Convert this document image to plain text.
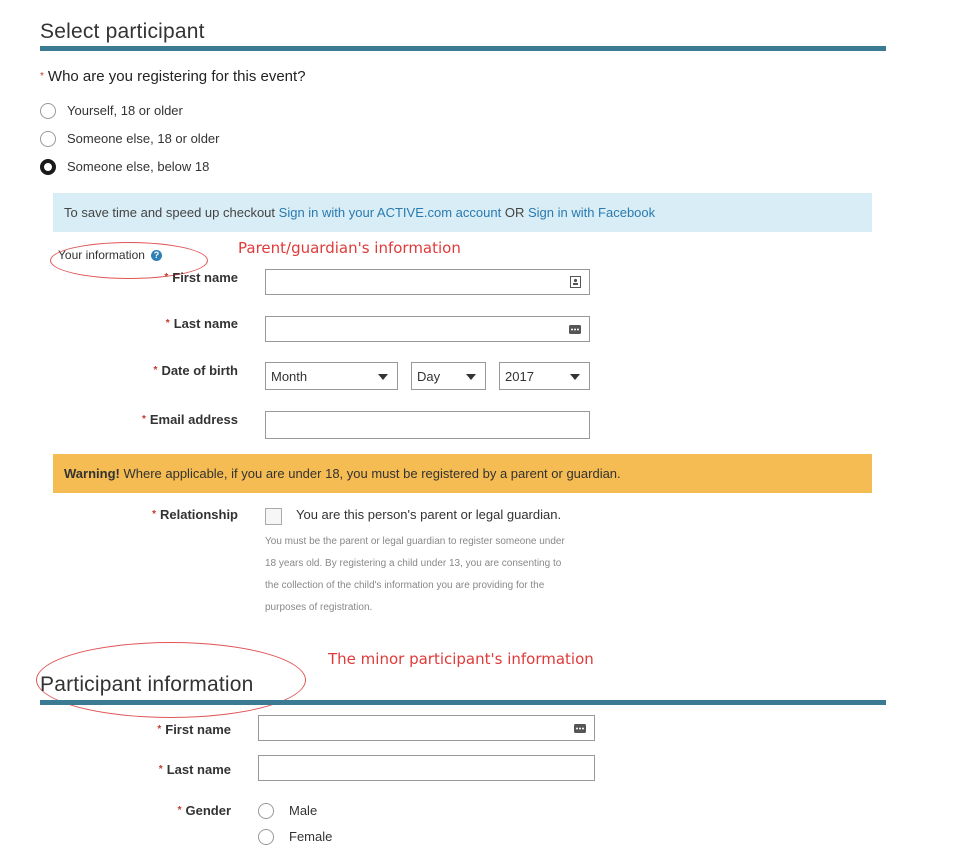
Select participant
* Who are you registering for this event?
Yourself, 18 or older
Someone else, 18 or older
Someone else, below 18
To save time and speed up checkout Sign in with your ACTIVE.com account OR Sign in with Facebook
Your information ?	Parent/guardian's information
* First name
* Last name
* Date of birth	Month	Day	2017
* Email address
Warning! Where applicable, if you are under 18, you must be registered by a parent or guardian.
* Relationship	You are this person's parent or legal guardian.
You must be the parent or legal guardian to register someone under
18 years old. By registering a child under 13, you are consenting to
the collection of the child's information you are providing for the
purposes of registration.
The minor participant's information
Participant information
* First name
* Last name
* Gender	Male
Female
